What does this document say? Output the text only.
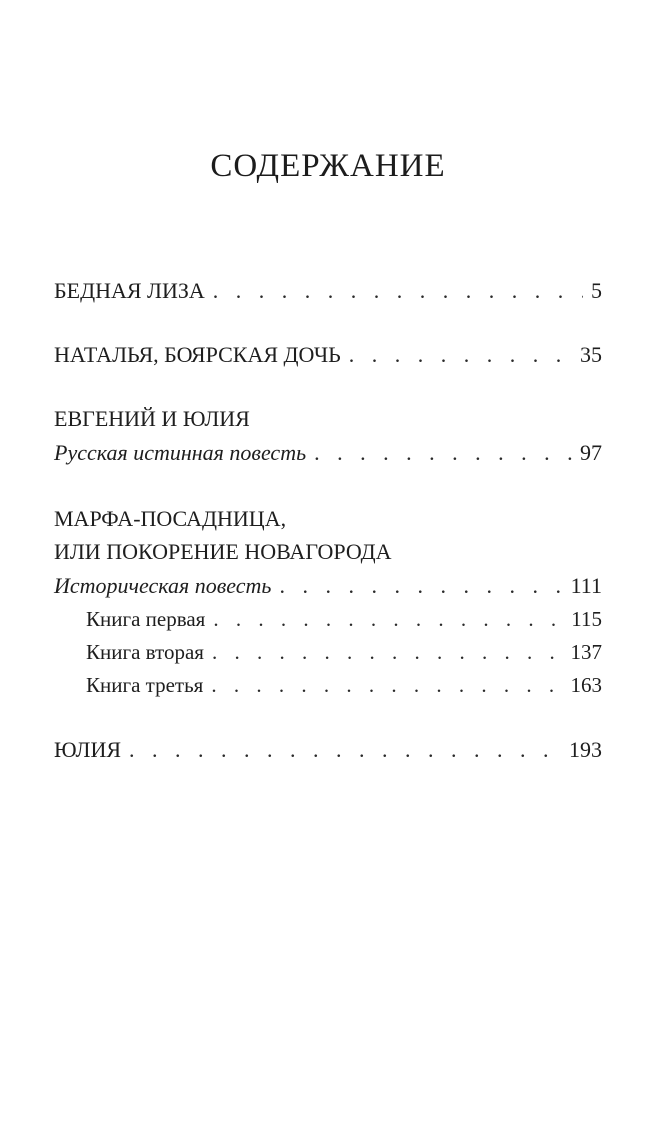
СОДЕРЖАНИЕ
БЕДНАЯ ЛИЗА . . .	5
НАТАЛЬЯ, БОЯРСКАЯ ДОЧЬ . . .	35
ЕВГЕНИЙ И ЮЛИЯ
Русская истинная повесть . . .	97
МАРФА-ПОСАДНИЦА,
ИЛИ ПОКОРЕНИЕ НОВАГОРОДА
Историческая повесть . . .	111
Книга первая . . .	115
Книга вторая . . .	137
Книга третья . . .	163
ЮЛИЯ . . .	193
